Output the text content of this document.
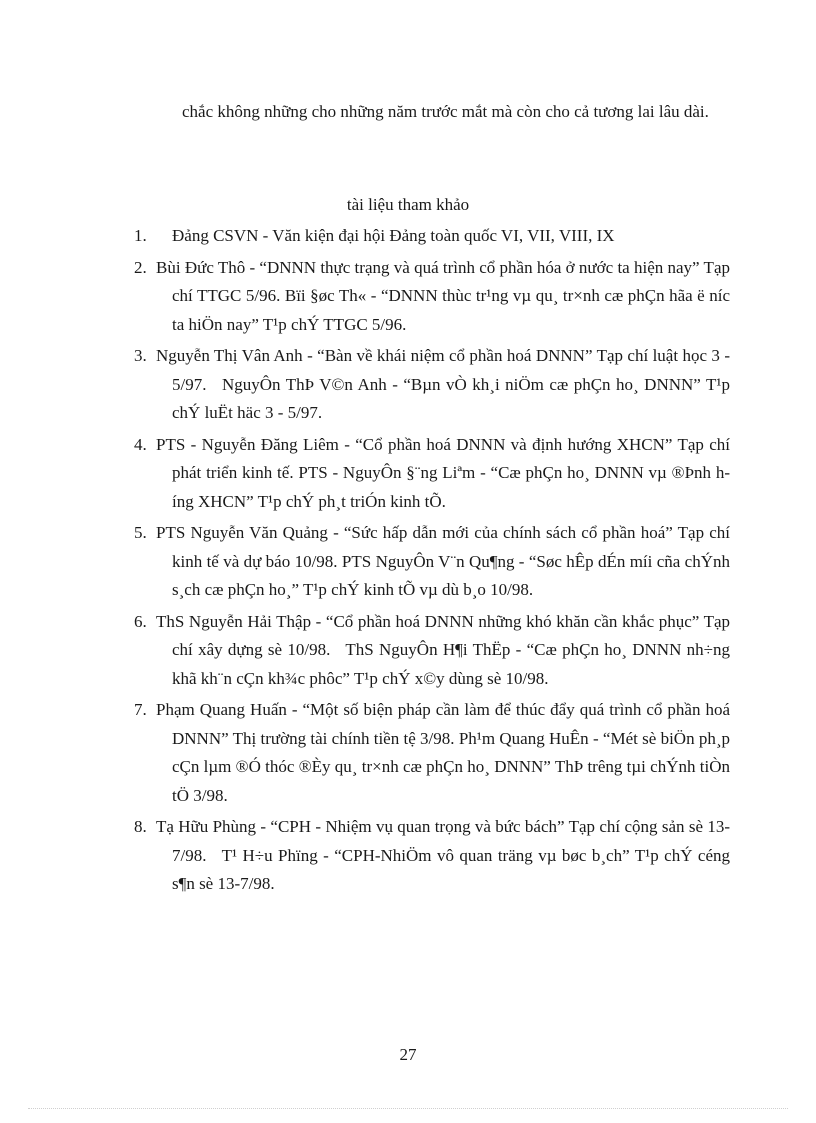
chắc không những cho những năm trước mắt mà còn cho cả tương lai lâu dài.

tài liệu tham khảo

1. Đảng CSVN - Văn kiện đại hội Đảng toàn quốc VI, VII, VIII, IX
2. Bùi Đức Thô - “DNNN thực trạng và quá trình cổ phần hóa ở nước ta hiện nay” Tạp chí TTGC 5/96. Bïi §øc Th« - “DNNN thùc tr¹ng vµ qu¸ tr×nh cæ phÇn hãa ë níc ta hiÖn nay” T¹p chÝ TTGC 5/96.
3. Nguyễn Thị Vân Anh - “Bàn về khái niệm cổ phần hoá DNNN” Tạp chí luật học 3 - 5/97. NguyÔn ThÞ V©n Anh - “Bµn vÒ kh¸i niÖm cæ phÇn ho¸ DNNN” T¹p chÝ luËt häc 3 - 5/97.
4. PTS - Nguyễn Đăng Liêm - “Cổ phần hoá DNNN và định hướng XHCN” Tạp chí phát triển kinh tế. PTS - NguyÔn §¨ng Liªm - “Cæ phÇn ho¸ DNNN vµ ®Þnh híng XHCN” T¹p chÝ ph¸t triÓn kinh tÕ.
5. PTS Nguyễn Văn Quảng - “Sức hấp dẫn mới của chính sách cổ phần hoá” Tạp chí kinh tế và dự báo 10/98. PTS NguyÔn V¨n Qu¶ng - “Søc hÊp dÉn míi cña chÝnh s¸ch cæ phÇn ho¸” T¹p chÝ kinh tÕ vµ dù b¸o 10/98.
6. ThS Nguyễn Hải Thập - “Cổ phần hoá DNNN những khó khăn cần khắc phục” Tạp chí xây dựng sè 10/98. ThS NguyÔn H¶i ThËp - “Cæ phÇn ho¸ DNNN nh÷ng khã kh¨n cÇn kh¾c phôc” T¹p chÝ x©y dùng sè 10/98.
7. Phạm Quang Huấn - “Một số biện pháp cần làm để thúc đẩy quá trình cổ phần hoá DNNN” Thị trường tài chính tiền tệ 3/98. Ph¹m Quang HuÊn - “Mét sè biÖn ph¸p cÇn lµm ®Ó thóc ®Èy qu¸ tr×nh cæ phÇn ho¸ DNNN” ThÞ trêng tµi chÝnh tiÒn tÖ 3/98.
8. Tạ Hữu Phùng - “CPH - Nhiệm vụ quan trọng và bức bách” Tạp chí cộng sản sè 13-7/98. T¹ H÷u Phïng - “CPH-NhiÖm vô quan träng vµ bøc b¸ch” T¹p chÝ céng s¶n sè 13-7/98.
27
